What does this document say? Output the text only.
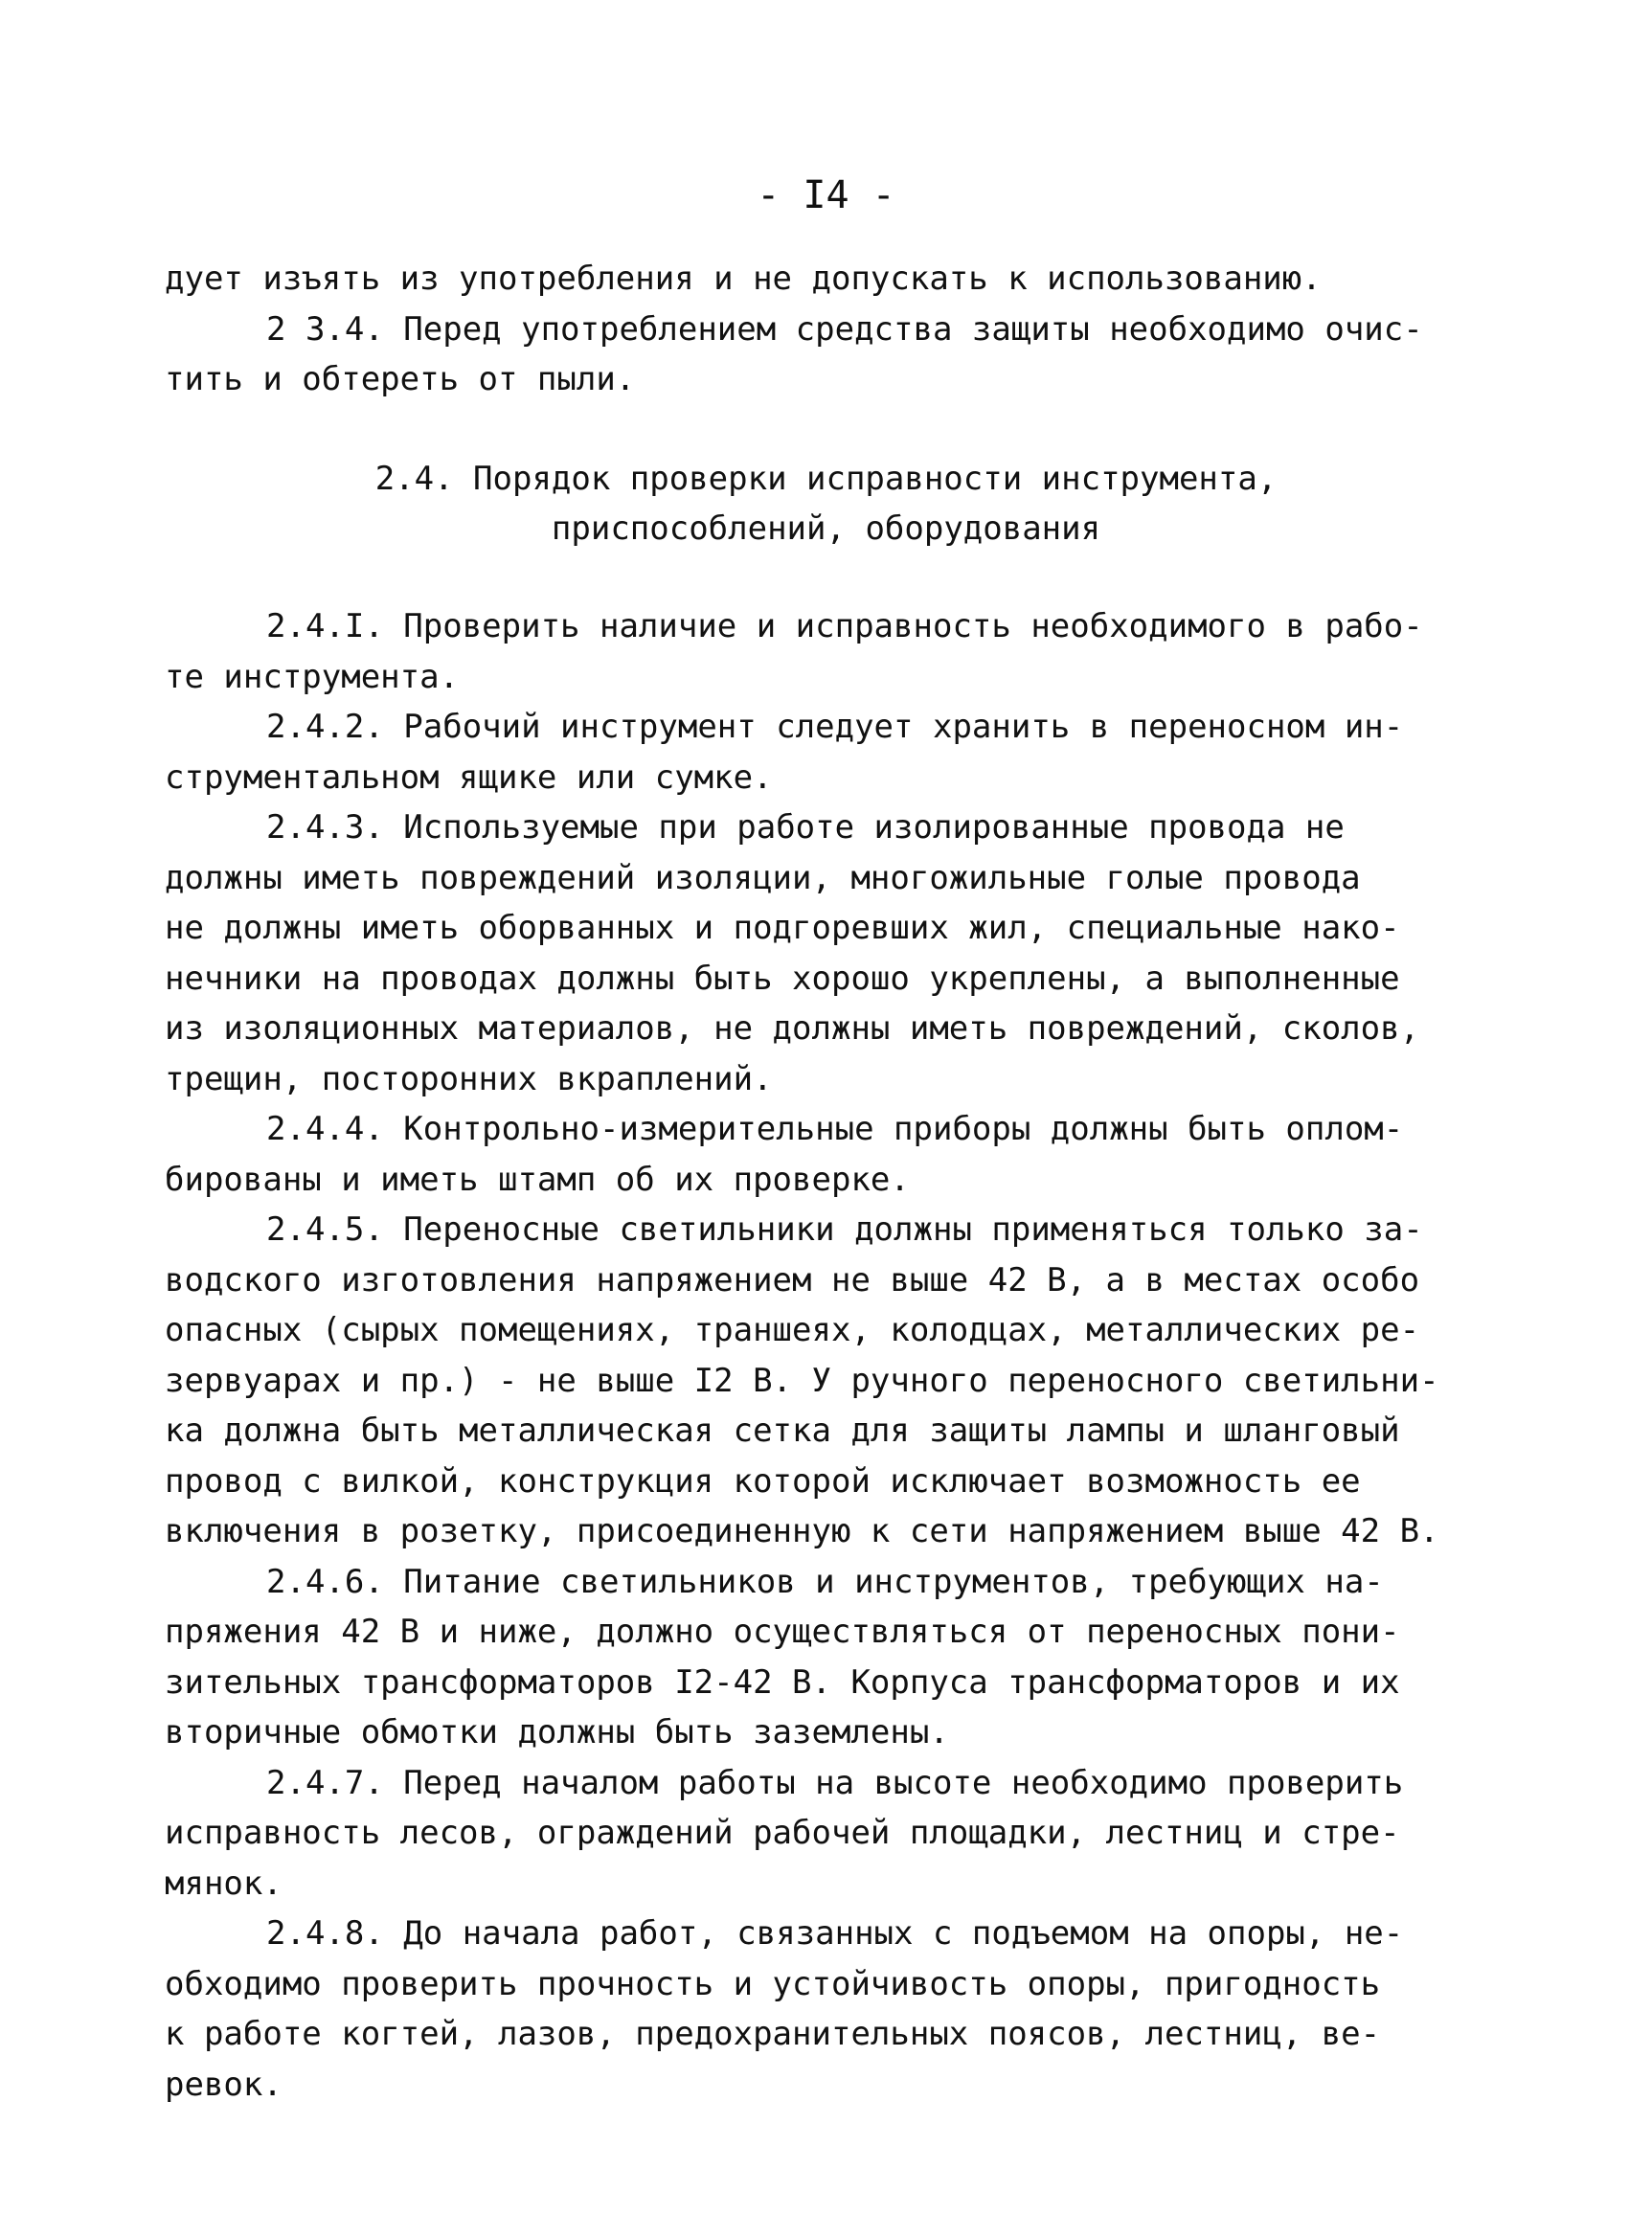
- I4 -
дует изъять из употребления и не допускать к использованию.
2 3.4. Перед употреблением средства защиты необходимо очис-
тить и обтереть от пыли.
2.4. Порядок проверки исправности инструмента,
приспособлений, оборудования
2.4.I. Проверить наличие и исправность необходимого в рабо-
те инструмента.
2.4.2. Рабочий инструмент следует хранить в переносном ин-
струментальном ящике или сумке.
2.4.3. Используемые при работе изолированные провода не
должны иметь повреждений изоляции, многожильные голые провода
не должны иметь оборванных и подгоревших жил, специальные нако-
нечники на проводах должны быть хорошо укреплены, а выполненные
из изоляционных материалов, не должны иметь повреждений, сколов,
трещин, посторонних вкраплений.
2.4.4. Контрольно-измерительные приборы должны быть оплом-
бированы и иметь штамп об их проверке.
2.4.5. Переносные светильники должны применяться только за-
водского изготовления напряжением не выше 42 В, а в местах особо
опасных (сырых помещениях, траншеях, колодцах, металлических ре-
зервуарах и пр.) - не выше I2 В. У ручного переносного светильни-
ка должна быть металлическая сетка для защиты лампы и шланговый
провод с вилкой, конструкция которой исключает возможность ее
включения в розетку, присоединенную к сети напряжением выше 42 В.
2.4.6. Питание светильников и инструментов, требующих на-
пряжения 42 В и ниже, должно осуществляться от переносных пони-
зительных трансформаторов I2-42 В. Корпуса трансформаторов и их
вторичные обмотки должны быть заземлены.
2.4.7. Перед началом работы на высоте необходимо проверить
исправность лесов, ограждений рабочей площадки, лестниц и стре-
мянок.
2.4.8. До начала работ, связанных с подъемом на опоры, не-
обходимо проверить прочность и устойчивость опоры, пригодность
к работе когтей, лазов, предохранительных поясов, лестниц, ве-
ревок.
